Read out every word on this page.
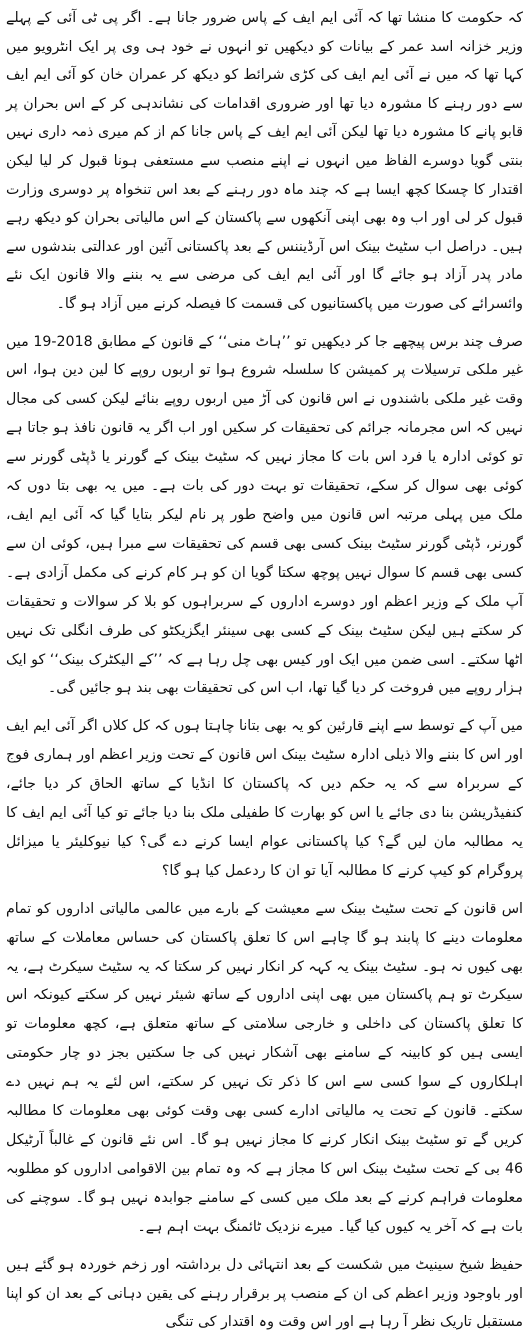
کہ حکومت کا منشا تھا کہ آئی ایم ایف کے پاس ضرور جانا ہے۔ اگر پی ٹی آئی کے پہلے وزیر خزانہ اسد عمر کے بیانات کو دیکھیں تو انہوں نے خود ہی وی پر ایک انٹرویو میں کہا تھا کہ میں نے آئی ایم ایف کی کڑی شرائط کو دیکھ کر عمران خان کو آئی ایم ایف سے دور رہنے کا مشورہ دیا تھا اور ضروری اقدامات کی نشاندہی کر کے اس بحران پر قابو پانے کا مشورہ دیا تھا لیکن آئی ایم ایف کے پاس جانا کم از کم میری ذمہ داری نہیں بنتی گویا دوسرے الفاظ میں انہوں نے اپنے منصب سے مستعفی ہونا قبول کر لیا لیکن اقتدار کا چسکا کچھ ایسا ہے کہ چند ماہ دور رہنے کے بعد اس تنخواہ پر دوسری وزارت قبول کر لی اور اب وہ بھی اپنی آنکھوں سے پاکستان کے اس مالیاتی بحران کو دیکھ رہے ہیں۔ دراصل اب سٹیٹ بینک اس آرڈیننس کے بعد پاکستانی آئین اور عدالتی بندشوں سے مادر پدر آزاد ہو جائے گا اور آئی ایم ایف کی مرضی سے یہ بننے والا قانون ایک نئے وائسرائے کی صورت میں پاکستانیوں کی قسمت کا فیصلہ کرنے میں آزاد ہو گا۔

صرف چند برس پیچھے جا کر دیکھیں تو ’’ہاٹ منی‘‘ کے قانون کے مطابق 2018-19 میں غیر ملکی ترسیلات پر کمیشن کا سلسلہ شروع ہوا تو اربوں روپے کا لین دین ہوا، اس وقت غیر ملکی باشندوں نے اس قانون کی آڑ میں اربوں روپے بنائے لیکن کسی کی مجال نہیں کہ اس مجرمانہ جرائم کی تحقیقات کر سکیں اور اب اگر یہ قانون نافذ ہو جاتا ہے تو کوئی ادارہ یا فرد اس بات کا مجاز نہیں کہ سٹیٹ بینک کے گورنر یا ڈپٹی گورنر سے کوئی بھی سوال کر سکے، تحقیقات تو بہت دور کی بات ہے۔ میں یہ بھی بتا دوں کہ ملک میں پہلی مرتبہ اس قانون میں واضح طور پر نام لیکر بتایا گیا کہ آئی ایم ایف، گورنر، ڈپٹی گورنر سٹیٹ بینک کسی بھی قسم کی تحقیقات سے مبرا ہیں، کوئی ان سے کسی بھی قسم کا سوال نہیں پوچھ سکتا گویا ان کو ہر کام کرنے کی مکمل آزادی ہے۔ آپ ملک کے وزیر اعظم اور دوسرے اداروں کے سربراہوں کو بلا کر سوالات و تحقیقات کر سکتے ہیں لیکن سٹیٹ بینک کے کسی بھی سینئر ایگزیکٹو کی طرف انگلی تک نہیں اٹھا سکتے۔ اسی ضمن میں ایک اور کیس بھی چل رہا ہے کہ ’’کے الیکٹرک بینک‘‘ کو ایک ہزار روپے میں فروخت کر دیا گیا تھا، اب اس کی تحقیقات بھی بند ہو جائیں گی۔

میں آپ کے توسط سے اپنے قارئین کو یہ بھی بتانا چاہتا ہوں کہ کل کلاں اگر آئی ایم ایف اور اس کا بننے والا ذیلی ادارہ سٹیٹ بینک اس قانون کے تحت وزیر اعظم اور ہماری فوج کے سربراہ سے کہ یہ حکم دیں کہ پاکستان کا انڈیا کے ساتھ الحاق کر دیا جائے، کنفیڈریشن بنا دی جائے یا اس کو بھارت کا طفیلی ملک بنا دیا جائے تو کیا آئی ایم ایف کا یہ مطالبہ مان لیں گے؟ کیا پاکستانی عوام ایسا کرنے دے گی؟ کیا نیوکلیئر یا میزائل پروگرام کو کیپ کرنے کا مطالبہ آیا تو ان کا ردعمل کیا ہو گا؟

اس قانون کے تحت سٹیٹ بینک سے معیشت کے بارے میں عالمی مالیاتی اداروں کو تمام معلومات دینے کا پابند ہو گا چاہے اس کا تعلق پاکستان کی حساس معاملات کے ساتھ بھی کیوں نہ ہو۔ سٹیٹ بینک یہ کہہ کر انکار نہیں کر سکتا کہ یہ سٹیٹ سیکرٹ ہے، یہ سیکرٹ تو ہم پاکستان میں بھی اپنی اداروں کے ساتھ شیئر نہیں کر سکتے کیونکہ اس کا تعلق پاکستان کی داخلی و خارجی سلامتی کے ساتھ متعلق ہے، کچھ معلومات تو ایسی ہیں کو کابینہ کے سامنے بھی آشکار نہیں کی جا سکتیں بجز دو چار حکومتی اہلکاروں کے سوا کسی سے اس کا ذکر تک نہیں کر سکتے، اس لئے یہ ہم نہیں دے سکتے۔ قانون کے تحت یہ مالیاتی ادارے کسی بھی وقت کوئی بھی معلومات کا مطالبہ کریں گے تو سٹیٹ بینک انکار کرنے کا مجاز نہیں ہو گا۔ اس نئے قانون کے غالباً آرٹیکل 46 بی کے تحت سٹیٹ بینک اس کا مجاز ہے کہ وہ تمام بین الاقوامی اداروں کو مطلوبہ معلومات فراہم کرنے کے بعد ملک میں کسی کے سامنے جوابدہ نہیں ہو گا۔ سوچنے کی بات ہے کہ آخر یہ کیوں کیا گیا۔ میرے نزدیک ٹائمنگ بہت اہم ہے۔

حفیظ شیخ سینیٹ میں شکست کے بعد انتہائی دل برداشتہ اور زخم خوردہ ہو گئے ہیں اور باوجود وزیر اعظم کی ان کے منصب پر برقرار رہنے کی یقین دہانی کے بعد ان کو اپنا مستقبل تاریک نظر آ رہا ہے اور اس وقت وہ اقتدار کی تنگی
